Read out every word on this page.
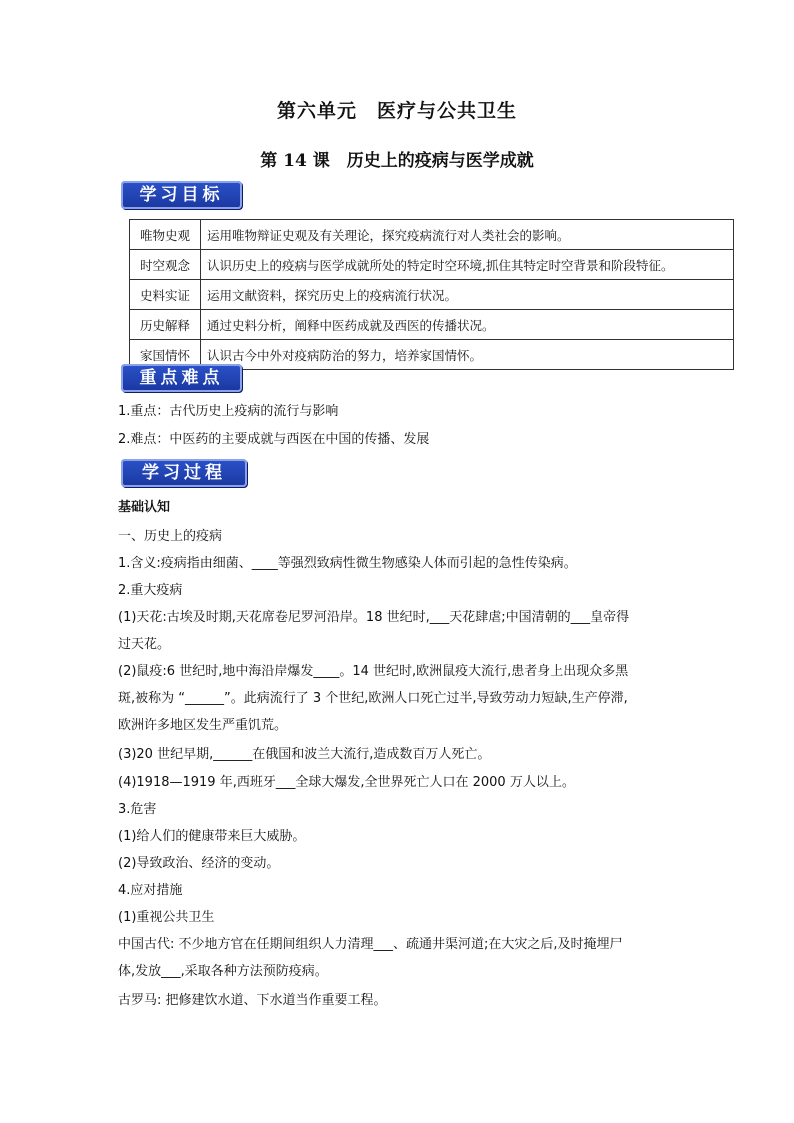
第六单元　医疗与公共卫生
第 14 课　历史上的疫病与医学成就
学习目标
唯物史观	运用唯物辩证史观及有关理论，探究疫病流行对人类社会的影响。
时空观念	认识历史上的疫病与医学成就所处的特定时空环境,抓住其特定时空背景和阶段特征。
史料实证	运用文献资料，探究历史上的疫病流行状况。
历史解释	通过史料分析，阐释中医药成就及西医的传播状况。
家国情怀	认识古今中外对疫病防治的努力，培养家国情怀。
重点难点
1.重点：古代历史上疫病的流行与影响
2.难点：中医药的主要成就与西医在中国的传播、发展
学习过程
基础认知
一、历史上的疫病
1.含义:疫病指由细菌、____等强烈致病性微生物感染人体而引起的急性传染病。
2.重大疫病
(1)天花:古埃及时期,天花席卷尼罗河沿岸。18 世纪时,___天花肆虐;中国清朝的___皇帝得
过天花。
(2)鼠疫:6 世纪时,地中海沿岸爆发____。14 世纪时,欧洲鼠疫大流行,患者身上出现众多黑
斑,被称为 “______”。此病流行了 3 个世纪,欧洲人口死亡过半,导致劳动力短缺,生产停滞,
欧洲许多地区发生严重饥荒。
(3)20 世纪早期,______在俄国和波兰大流行,造成数百万人死亡。
(4)1918—1919 年,西班牙___全球大爆发,全世界死亡人口在 2000 万人以上。
3.危害
(1)给人们的健康带来巨大威胁。
(2)导致政治、经济的变动。
4.应对措施
(1)重视公共卫生
中国古代: 不少地方官在任期间组织人力清理___、疏通井渠河道;在大灾之后,及时掩埋尸
体,发放___,采取各种方法预防疫病。
古罗马: 把修建饮水道、下水道当作重要工程。
